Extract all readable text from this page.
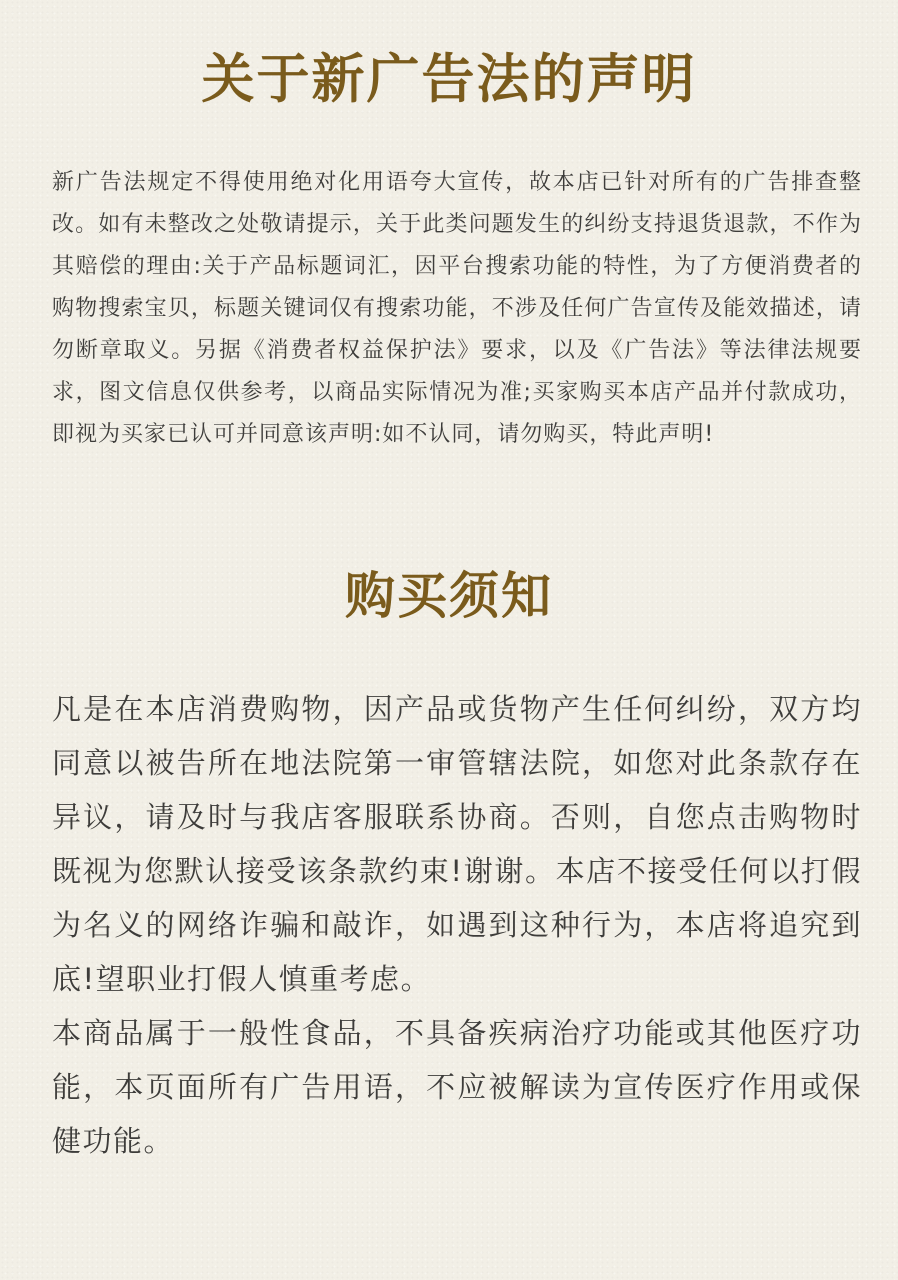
关于新广告法的声明

新广告法规定不得使用绝对化用语夸大宣传，故本店已针对所有的广告排查整改。如有未整改之处敬请提示，关于此类问题发生的纠纷支持退货退款，不作为其赔偿的理由:关于产品标题词汇，因平台搜索功能的特性，为了方便消费者的购物搜索宝贝，标题关键词仅有搜索功能，不涉及任何广告宣传及能效描述，请勿断章取义。另据《消费者权益保护法》要求，以及《广告法》等法律法规要求，图文信息仅供参考，以商品实际情况为准;买家购买本店产品并付款成功，即视为买家已认可并同意该声明:如不认同，请勿购买，特此声明!

购买须知
凡是在本店消费购物，因产品或货物产生任何纠纷，双方均同意以被告所在地法院第一审管辖法院，如您对此条款存在异议，请及时与我店客服联系协商。否则，自您点击购物时既视为您默认接受该条款约束!谢谢。本店不接受任何以打假为名义的网络诈骗和敲诈，如遇到这种行为，本店将追究到底!望职业打假人慎重考虑。
本商品属于一般性食品，不具备疾病治疗功能或其他医疗功能，本页面所有广告用语，不应被解读为宣传医疗作用或保健功能。
